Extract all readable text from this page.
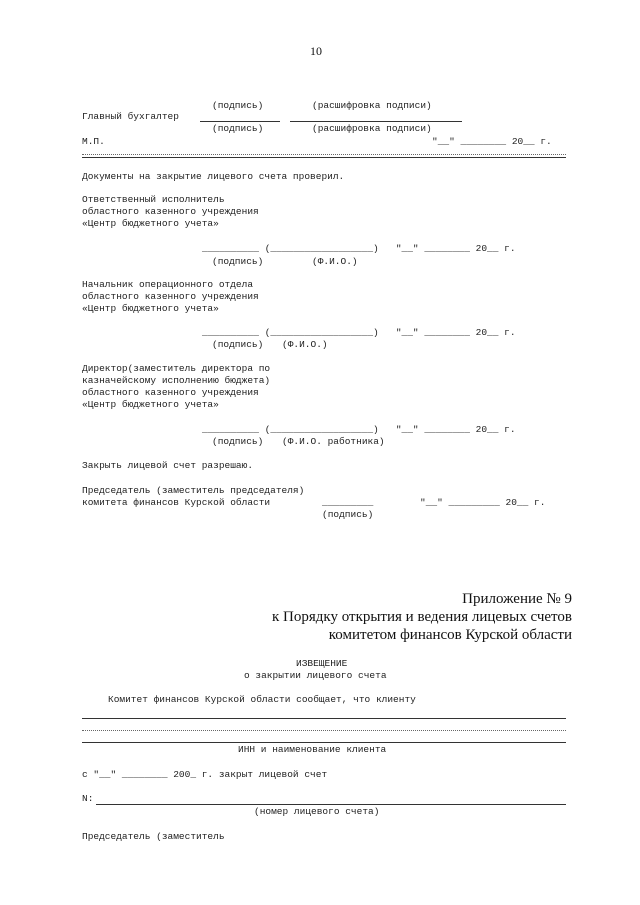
10
(подпись)	(расшифровка подписи)
Главный бухгалтер
(подпись)	(расшифровка подписи)
М.П.	"__" ________ 20__ г.
Документы на закрытие лицевого счета проверил.
Ответственный исполнитель
областного казенного учреждения
«Центр бюджетного учета»
__________ (__________________)   "__" ________ 20__ г.
(подпись)	(Ф.И.О.)
Начальник операционного отдела
областного казенного учреждения
«Центр бюджетного учета»
__________ (__________________)   "__" ________ 20__ г.
(подпись) (Ф.И.О.)
Директор(заместитель директора по
казначейскому исполнению бюджета)
областного казенного учреждения
«Центр бюджетного учета»
__________ (__________________)   "__" ________ 20__ г.
(подпись) (Ф.И.О. работника)
Закрыть лицевой счет разрешаю.
Председатель (заместитель председателя)
комитета финансов Курской области	_________	"__" _________ 20__ г.
(подпись)
Приложение № 9
к Порядку открытия и ведения лицевых счетов
комитетом финансов Курской области
ИЗВЕЩЕНИЕ
о закрытии лицевого счета
Комитет финансов Курской области сообщает, что клиенту
ИНН и наименование клиента
с "__" ________ 200_ г. закрыт лицевой счет
N:
(номер лицевого счета)
Председатель (заместитель
